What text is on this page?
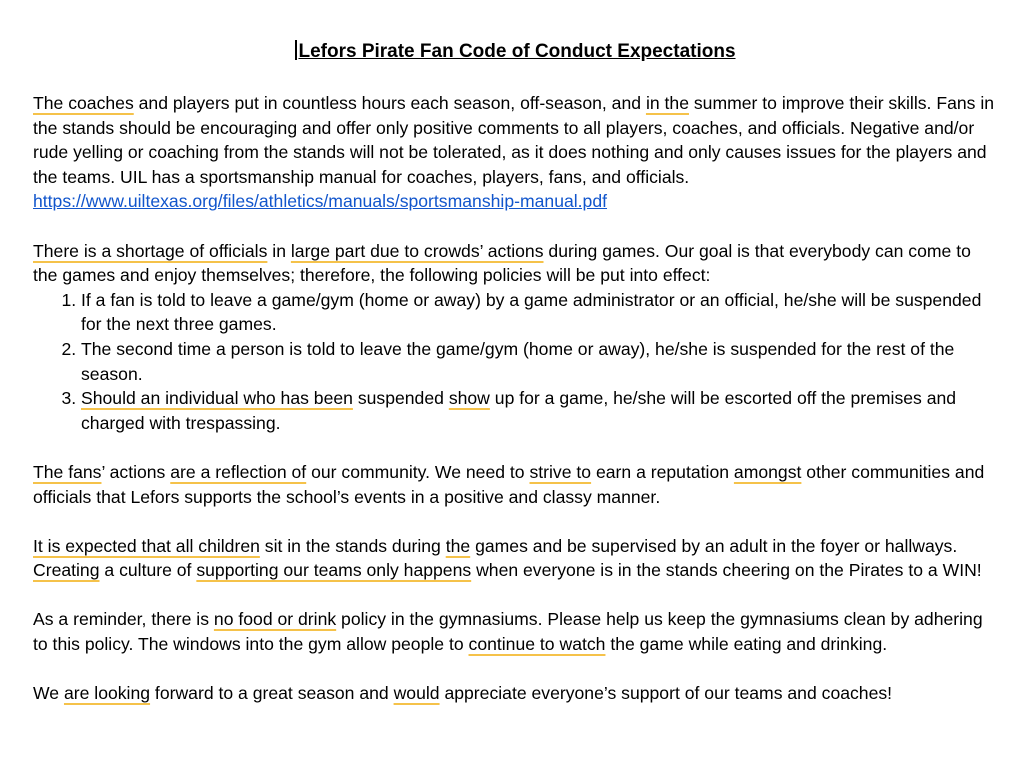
Lefors Pirate Fan Code of Conduct Expectations

The coaches and players put in countless hours each season, off-season, and in the summer to improve their skills. Fans in the stands should be encouraging and offer only positive comments to all players, coaches, and officials. Negative and/or rude yelling or coaching from the stands will not be tolerated, as it does nothing and only causes issues for the players and the teams. UIL has a sportsmanship manual for coaches, players, fans, and officials.

https://www.uiltexas.org/files/athletics/manuals/sportsmanship-manual.pdf

There is a shortage of officials in large part due to crowds’ actions during games. Our goal is that everybody can come to the games and enjoy themselves; therefore, the following policies will be put into effect:

1. If a fan is told to leave a game/gym (home or away) by a game administrator or an official, he/she will be suspended for the next three games.
2. The second time a person is told to leave the game/gym (home or away), he/she is suspended for the rest of the season.
3. Should an individual who has been suspended show up for a game, he/she will be escorted off the premises and charged with trespassing.

The fans’ actions are a reflection of our community. We need to strive to earn a reputation amongst other communities and officials that Lefors supports the school’s events in a positive and classy manner.

It is expected that all children sit in the stands during the games and be supervised by an adult in the foyer or hallways. Creating a culture of supporting our teams only happens when everyone is in the stands cheering on the Pirates to a WIN!

As a reminder, there is no food or drink policy in the gymnasiums. Please help us keep the gymnasiums clean by adhering to this policy. The windows into the gym allow people to continue to watch the game while eating and drinking.

We are looking forward to a great season and would appreciate everyone’s support of our teams and coaches!
